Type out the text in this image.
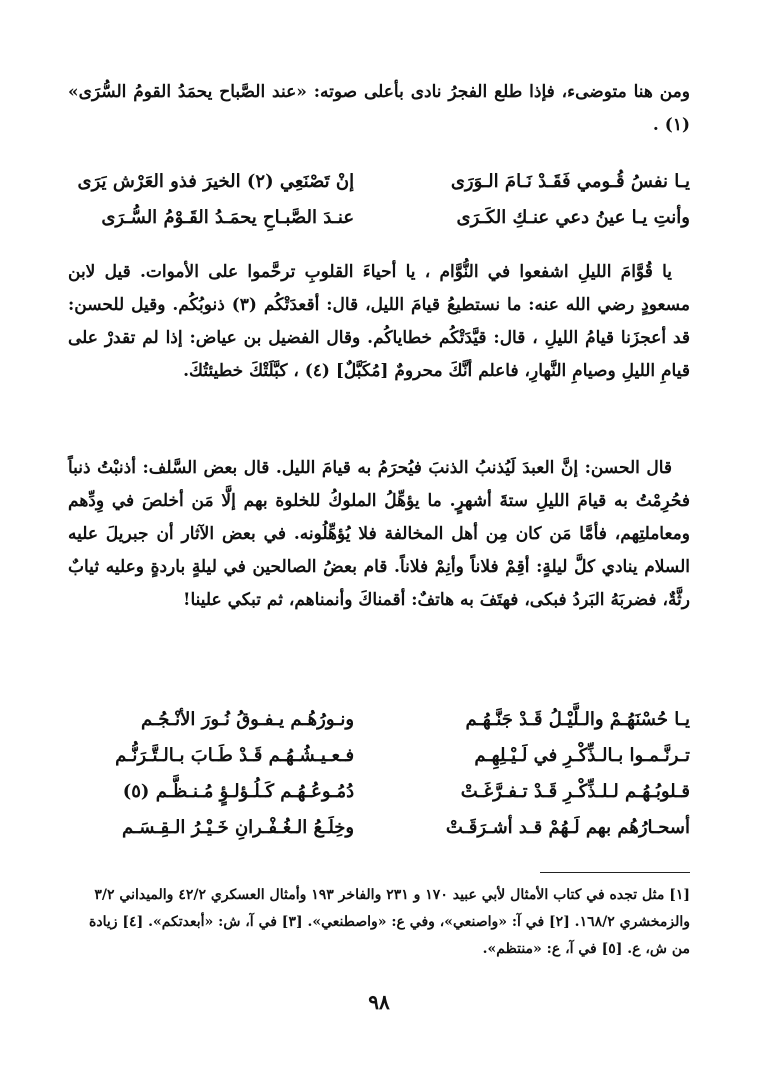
ومن هنا متوضىء، فإذا طلع الفجرُ نادى بأعلى صوته: «عند الصَّباح يحمَدُ القومُ السُّرَى» (١) .

يـا نفسُ قُـومي فَقَـدْ نَـامَ الـوَرَى
إنْ تَصْنَعِي (٢) الخيرَ فذو العَرْش يَرَى
وأنتِ يـا عينُ دعي عنـكِ الكَـرَى
عنـدَ الصَّبـاحِ يحمَـدُ القَـوْمُ السُّـرَى

يا قُوَّامَ الليلِ اشفعوا في النُّوَّام ، يا أحياءَ القلوبِ ترحَّموا على الأموات. قيل لابن مسعودٍ رضي الله عنه: ما نستطيعُ قيامَ الليل، قال: أقعدَتْكُم (٣) ذنوبُكُم. وقيل للحسن: قد أعجزَنا قيامُ الليلِ ، قال: قيَّدَتْكُم خطاياكُم. وقال الفضيل بن عياض: إذا لم تقدرْ على قيامِ الليلِ وصيامِ النَّهارِ، فاعلم أنَّكَ محرومٌ [مُكَبَّلٌ] (٤) ، كبَّلَتْكَ خطيئتُكَ.

قال الحسن: إنَّ العبدَ لَيُذنبُ الذنبَ فيُحرَمُ به قيامَ الليل. قال بعض السَّلف: أذنبْتُ ذنباً فحُرِمْتُ به قيامَ الليلِ ستةَ أشهرٍ. ما يؤهِّلُ الملوكُ للخلوة بهم إلَّا مَن أخلصَ في وِدِّهم ومعاملتِهم، فأمَّا مَن كان مِن أهل المخالفة فلا يُؤهِّلُونه. في بعض الآثار أن جبريلَ عليه السلام ينادي كلَّ ليلةٍ: أقِمْ فلاناً وأنِمْ فلاناً. قام بعضُ الصالحين في ليلةٍ باردةٍ وعليه ثيابٌ رثَّةٌ، فضربَهُ البَردُ فبكى، فهتَفَ به هاتفٌ: أقمناكَ وأنمناهم، ثم تبكي علينا!

يـا حُسْنَهُـمْ والـلَّيْـلُ قَـدْ جَنَّـهُـم
ونـورُهُـم يـفـوقُ نُـورَ الأنْـجُـم
تـرنَّـمـوا بـالـذِّكْـرِ في لَـيْـلِهِـم
فـعـيـشُـهُـم قَـدْ طَـابَ بـالـتَّـرَنُّـم
قـلوبُـهُـم لـلـذِّكْـرِ قَـدْ تـفـرَّغَـتْ
دُمُـوعُـهُـم كَـلُـؤلـؤٍ مُـنـظَّـم (٥)
أسحـارُهُم بهم لَـهُمْ قـد أشـرَقَـتْ
وخِلَـعُ الـغُـفْـرانِ خَـيْـرُ الـقِـسَـم

[١] مثل تجده في كتاب الأمثال لأبي عبيد ١٧٠ و ٢٣١ والفاخر ١٩٣ وأمثال العسكري ٤٢/٢ والميداني ٣/٢ والزمخشري ١٦٨/٢. [٢] في آ: «واصنعي»، وفي ع: «واصطنعي». [٣] في آ، ش: «أبعدتكم». [٤] زيادة من ش، ع. [٥] في آ، ع: «منتظم».

٩٨
